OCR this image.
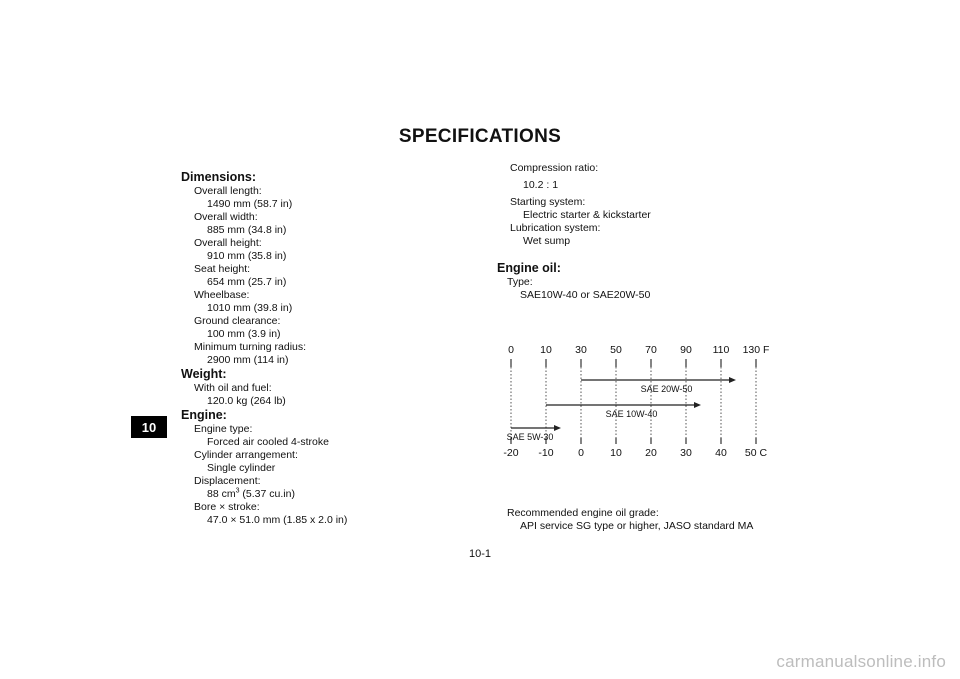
SPECIFICATIONS
10
Dimensions:
Overall length:
1490 mm (58.7 in)
Overall width:
885 mm (34.8 in)
Overall height:
910 mm (35.8 in)
Seat height:
654 mm (25.7 in)
Wheelbase:
1010 mm (39.8 in)
Ground clearance:
100 mm (3.9 in)
Minimum turning radius:
2900 mm (114 in)
Weight:
With oil and fuel:
120.0 kg (264 lb)
Engine:
Engine type:
Forced air cooled 4-stroke
Cylinder arrangement:
Single cylinder
Displacement:
88 $cm^3$ (5.37 cu.in)
Bore × stroke:
47.0 × 51.0 mm (1.85 x 2.0 in)
Compression ratio:
10.2 : 1
Starting system:
Electric starter & kickstarter
Lubrication system:
Wet sump
Engine oil:
Type:
SAE10W-40 or SAE20W-50
0
-20
10
-10
30
0
50
10
70
20
90
30
110
40
130 F
50 C
SAE 20W-50
SAE 10W-40
SAE 5W-30
Recommended engine oil grade:
API service SG type or higher, JASO standard MA
10-1
carmanualsonline.info
